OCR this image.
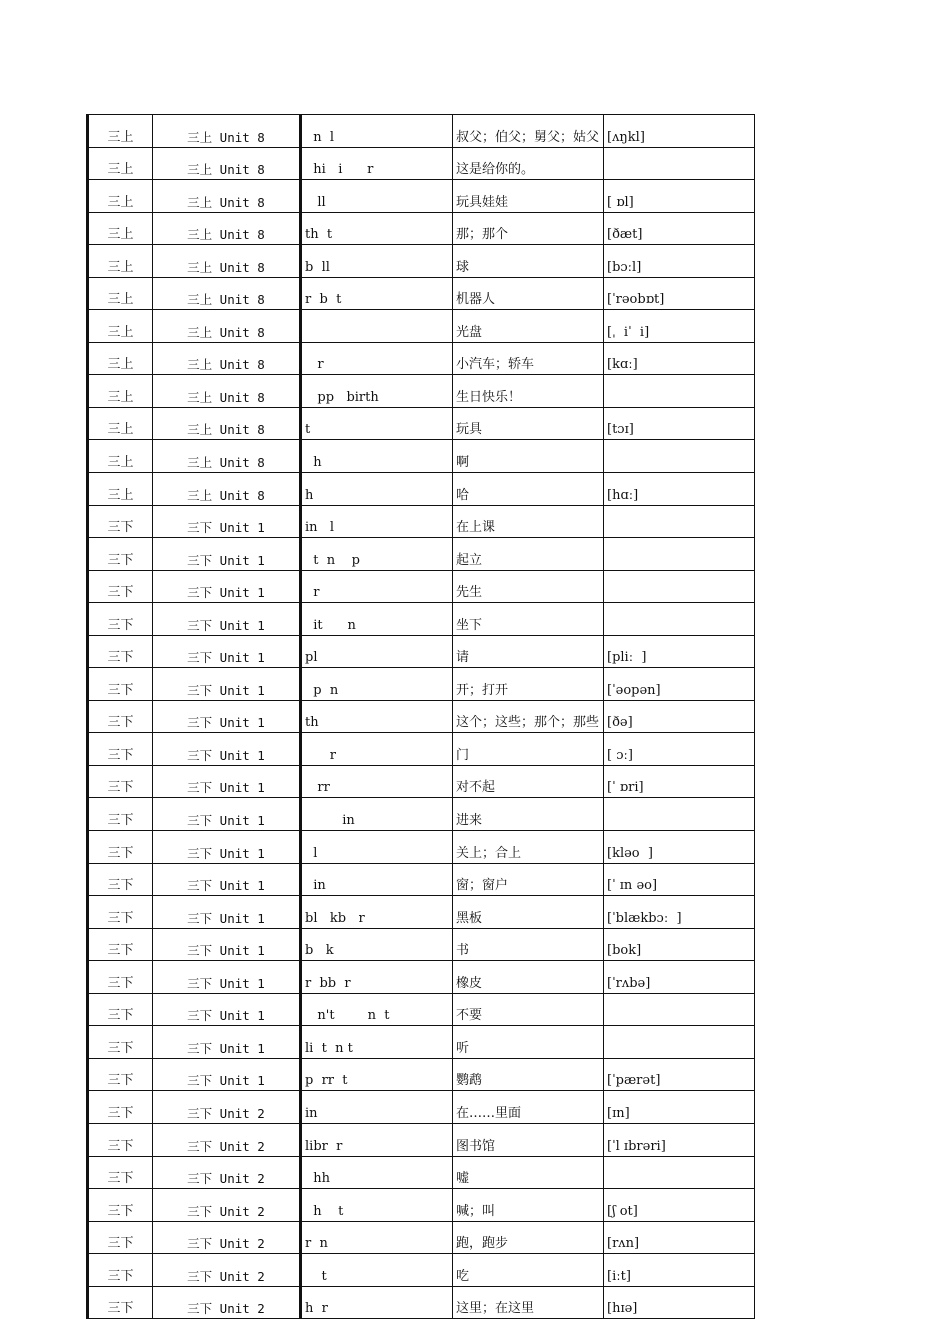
三上	三上 Unit 8	n  l	叔父；伯父；舅父；姑父	[ʌŋkl]
三上	三上 Unit 8	hi   i      r	这是给你的。	
三上	三上 Unit 8	ll	玩具娃娃	[ ɒl]
三上	三上 Unit 8	th  t	那；那个	[ðæt]
三上	三上 Unit 8	b  ll	球	[bɔːl]
三上	三上 Unit 8	r  b  t	机器人	[ˈrəobɒt]
三上	三上 Unit 8		光盘	[ˌ  iˈ  i]
三上	三上 Unit 8	r	小汽车；轿车	[kɑː]
三上	三上 Unit 8	pp   birth	生日快乐！	
三上	三上 Unit 8	t	玩具	[tɔɪ]
三上	三上 Unit 8	h	啊	
三上	三上 Unit 8	h	哈	[hɑː]
三下	三下 Unit 1	in   l	在上课	
三下	三下 Unit 1	t  n    p	起立	
三下	三下 Unit 1	r	先生	
三下	三下 Unit 1	it      n	坐下	
三下	三下 Unit 1	pl	请	[pliː  ]
三下	三下 Unit 1	p  n	开；打开	[ˈəopən]
三下	三下 Unit 1	th	这个；这些；那个；那些	[ðə]
三下	三下 Unit 1	r	门	[ ɔː]
三下	三下 Unit 1	rr	对不起	[ˈ ɒri]
三下	三下 Unit 1	in	进来	
三下	三下 Unit 1	l	关上；合上	[kləo  ]
三下	三下 Unit 1	in	窗；窗户	[ˈ ɪn əo]
三下	三下 Unit 1	bl   kb   r	黑板	[ˈblækbɔː  ]
三下	三下 Unit 1	b   k	书	[bok]
三下	三下 Unit 1	r  bb  r	橡皮	[ˈrʌbə]
三下	三下 Unit 1	n't        n  t	不要	
三下	三下 Unit 1	li  t  n t	听	
三下	三下 Unit 1	p  rr  t	鹦鹉	[ˈpærət]
三下	三下 Unit 2	in	在……里面	[ɪn]
三下	三下 Unit 2	libr  r	图书馆	[ˈl ɪbrəri]
三下	三下 Unit 2	hh	嘘	
三下	三下 Unit 2	h    t	喊；叫	[ʃ ot]
三下	三下 Unit 2	r  n	跑，跑步	[rʌn]
三下	三下 Unit 2	t	吃	[iːt]
三下	三下 Unit 2	h  r	这里；在这里	[hɪə]
